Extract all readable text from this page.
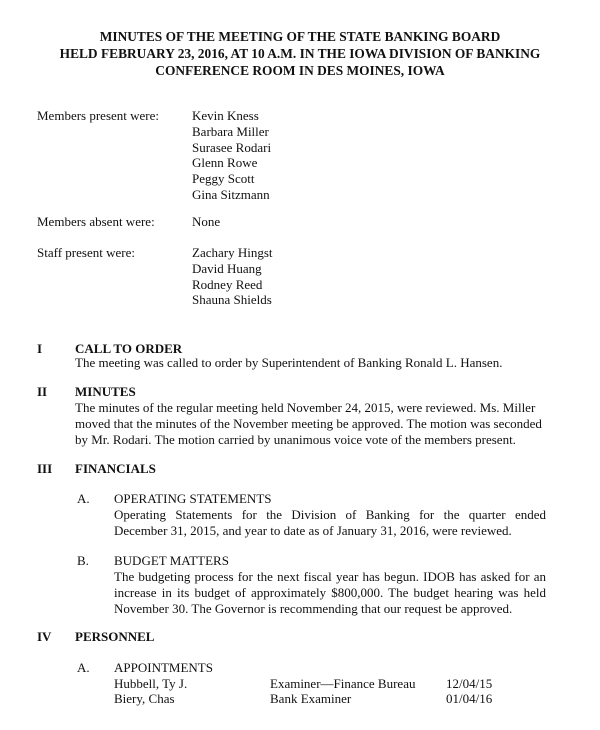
MINUTES OF THE MEETING OF THE STATE BANKING BOARD
HELD FEBRUARY 23, 2016, AT 10 A.M. IN THE IOWA DIVISION OF BANKING
CONFERENCE ROOM IN DES MOINES, IOWA
Members present were:	Kevin Kness
Barbara Miller
Surasee Rodari
Glenn Rowe
Peggy Scott
Gina Sitzmann
Members absent were:	None
Staff present were:	Zachary Hingst
David Huang
Rodney Reed
Shauna Shields
I	CALL TO ORDER
The meeting was called to order by Superintendent of Banking Ronald L. Hansen.
II MINUTES
The minutes of the regular meeting held November 24, 2015, were reviewed. Ms. Miller
moved that the minutes of the November meeting be approved. The motion was seconded
by Mr. Rodari. The motion carried by unanimous voice vote of the members present.
III FINANCIALS
A. OPERATING STATEMENTS
Operating Statements for the Division of Banking for the quarter ended
December 31, 2015, and year to date as of January 31, 2016, were reviewed.
B. BUDGET MATTERS
The budgeting process for the next fiscal year has begun. IDOB has asked for an
increase in its budget of approximately $800,000. The budget hearing was held
November 30. The Governor is recommending that our request be approved.
IV PERSONNEL
A. APPOINTMENTS
Hubbell, Ty J.	Examiner—Finance Bureau 12/04/15
Biery, Chas	Bank Examiner	01/04/16
